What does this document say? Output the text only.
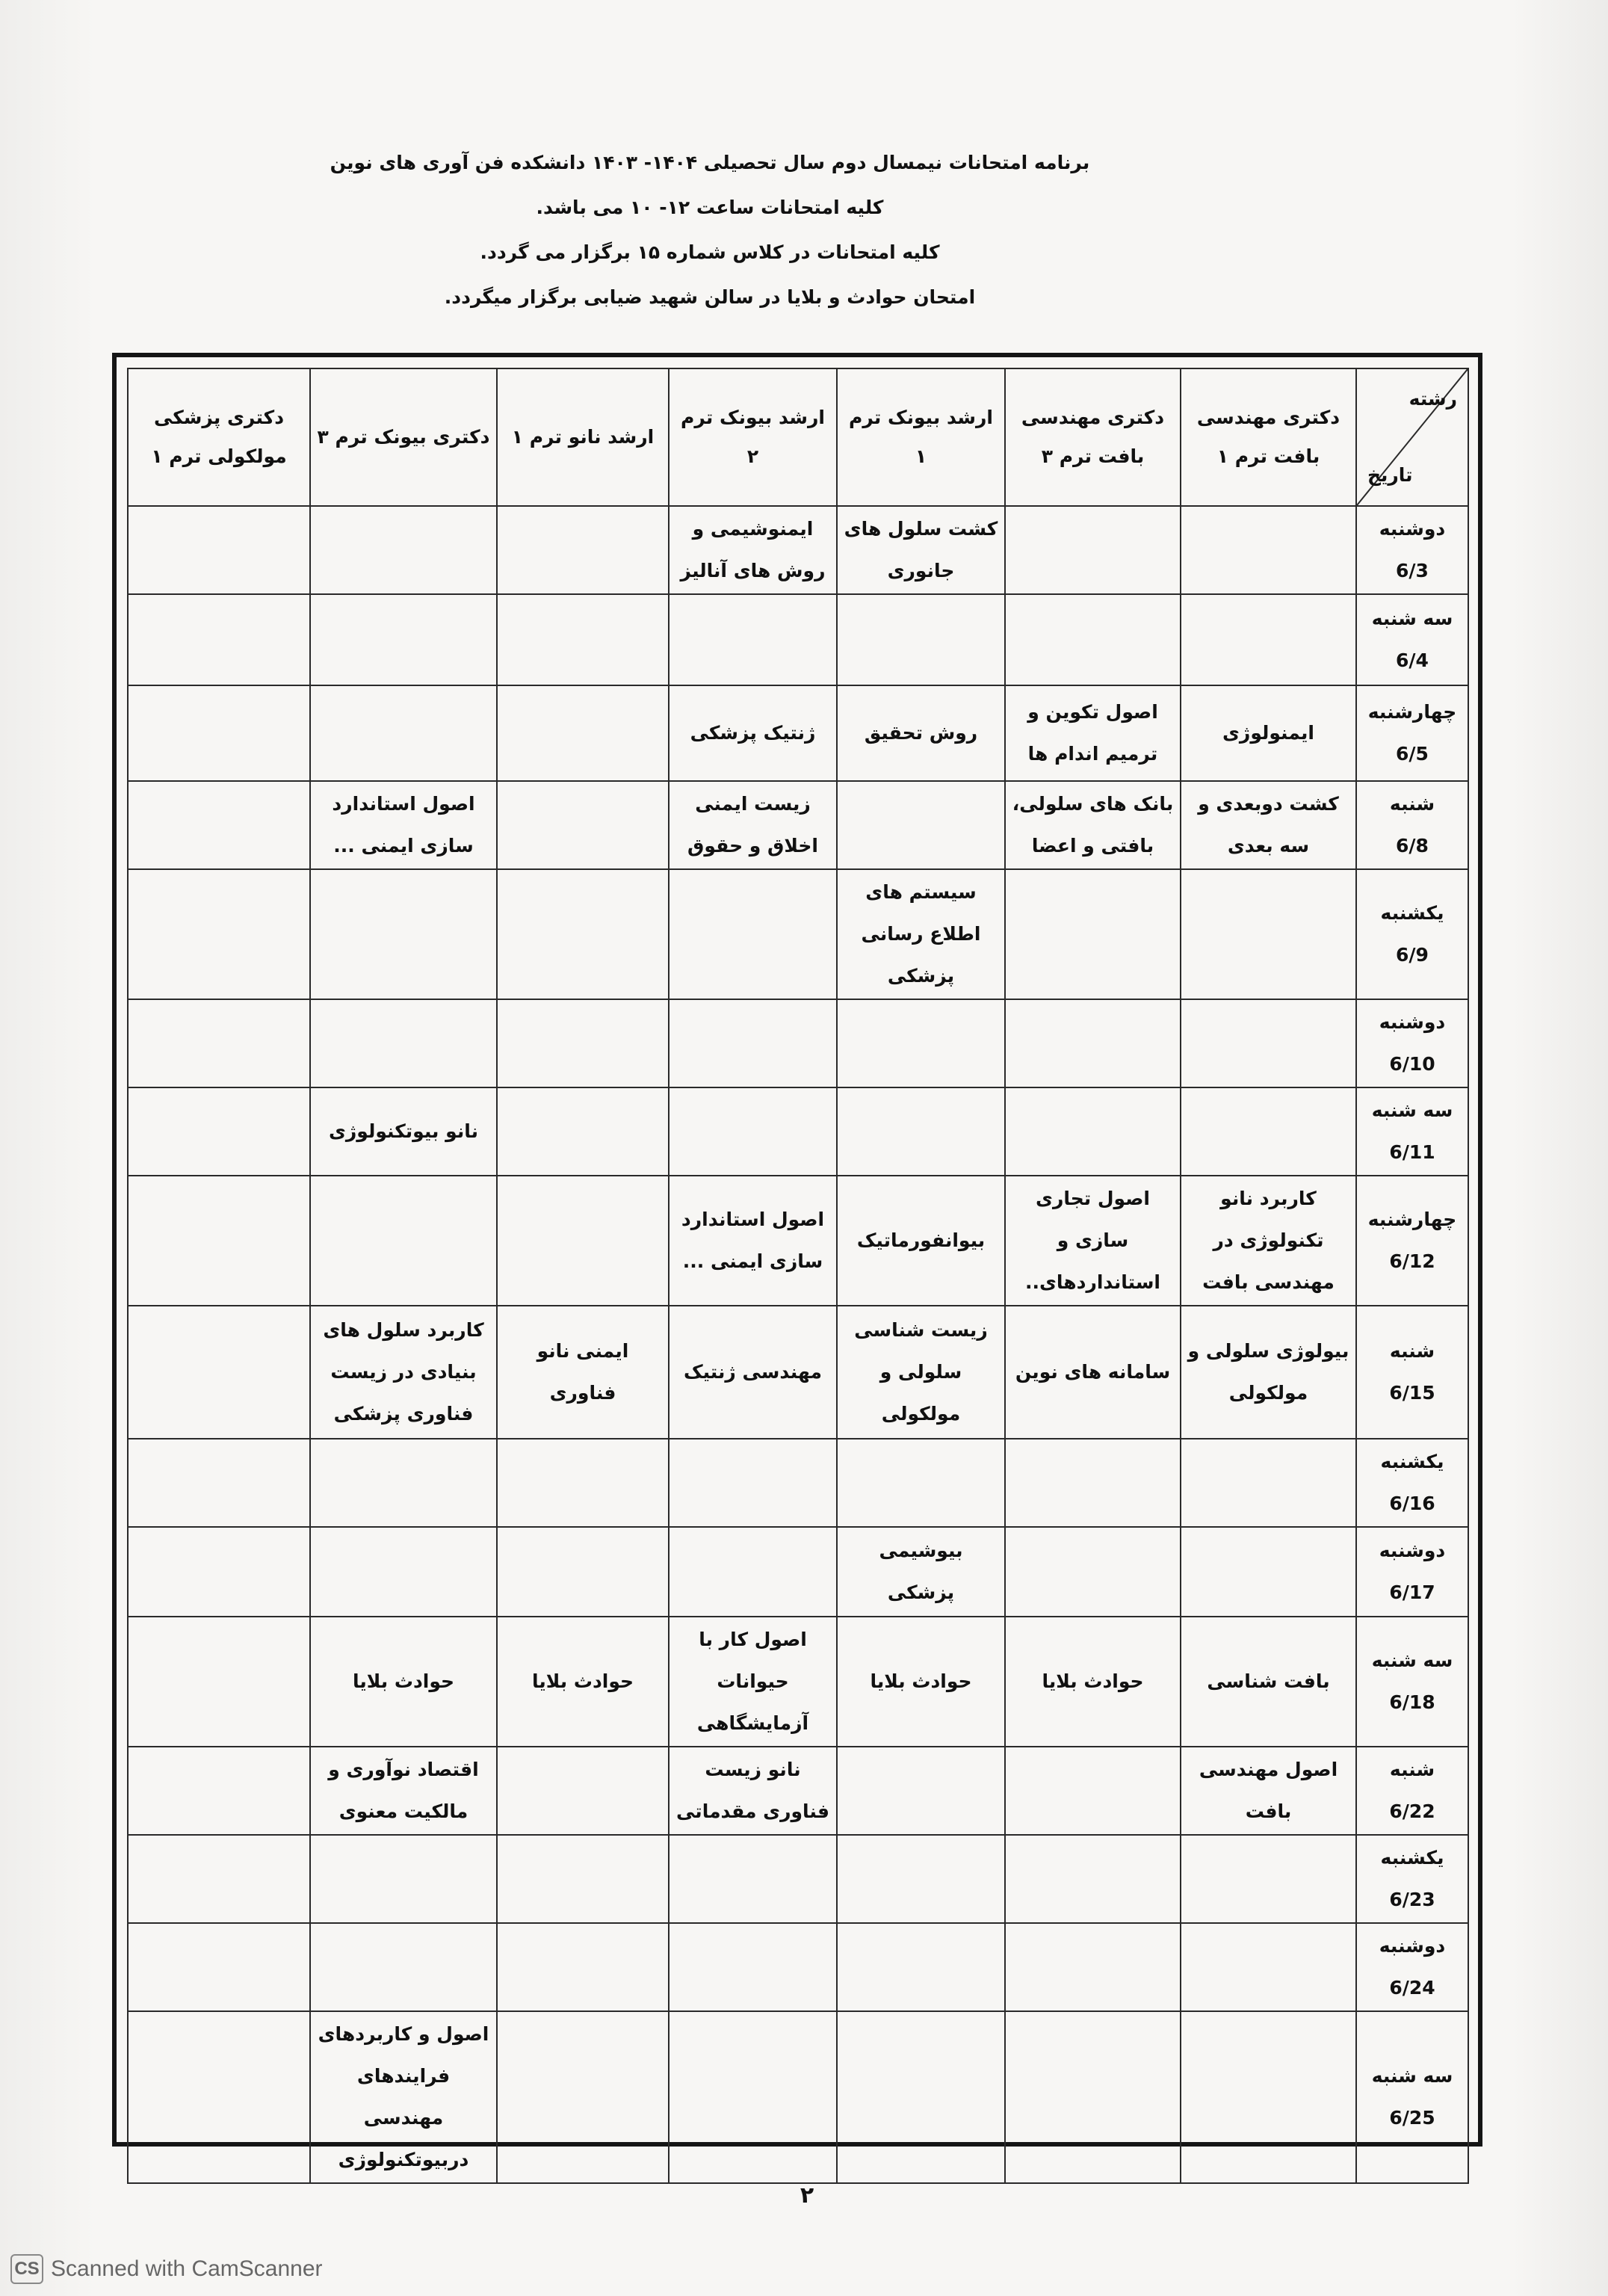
برنامه امتحانات نیمسال دوم سال تحصیلی ۱۴۰۴- ۱۴۰۳ دانشکده فن آوری های نوین
کلیه امتحانات ساعت ۱۲- ۱۰ می باشد.
کلیه امتحانات در کلاس شماره ۱۵ برگزار می گردد.
امتحان حوادث و بلایا در سالن شهید ضیابی برگزار میگردد.
رشته
تاریخ	دکتری مهندسی بافت ترم ۱	دکتری مهندسی بافت ترم ۳	ارشد بیونک ترم ۱	ارشد بیونک ترم ۲	ارشد نانو ترم ۱	دکتری بیونک ترم ۳	دکتری پزشکی مولکولی ترم ۱

دوشنبه
6/3			کشت سلول های جانوری	ایمنوشیمی و روش های آنالیز			

سه شنبه
6/4							

چهارشنبه
6/5	ایمنولوژی	اصول تکوین و ترمیم اندام ها	روش تحقیق	ژنتیک پزشکی			

شنبه
6/8	کشت دوبعدی و سه بعدی	بانک های سلولی، بافتی و اعضا		زیست ایمنی اخلاق و حقوق		اصول استاندارد سازی ایمنی ...	

یکشنبه
6/9			سیستم های اطلاع رسانی پزشکی				

دوشنبه
6/10							

سه شنبه
6/11						نانو بیوتکنولوژی	

چهارشنبه
6/12	کاربرد نانو تکنولوژی در مهندسی بافت	اصول تجاری سازی و استانداردهای..	بیوانفورماتیک	اصول استاندارد سازی ایمنی ...			

شنبه
6/15	بیولوژی سلولی و مولکولی	سامانه های نوین	زیست شناسی سلولی و مولکولی	مهندسی ژنتیک	ایمنی نانو فناوری	کاربرد سلول های بنیادی در زیست فناوری پزشکی	

یکشنبه
6/16							

دوشنبه
6/17			بیوشیمی پزشکی				

سه شنبه
6/18	بافت شناسی	حوادث بلایا	حوادث بلایا	اصول کار با حیوانات آزمایشگاهی	حوادث بلایا	حوادث بلایا	

شنبه
6/22	اصول مهندسی بافت			نانو زیست فناوری مقدماتی		اقتصاد نوآوری و مالکیت معنوی	

یکشنبه
6/23							

دوشنبه
6/24							

سه شنبه
6/25						اصول و کاربردهای فرایندهای مهندسی دربیوتکنولوژی	
۲
CS Scanned with CamScanner
